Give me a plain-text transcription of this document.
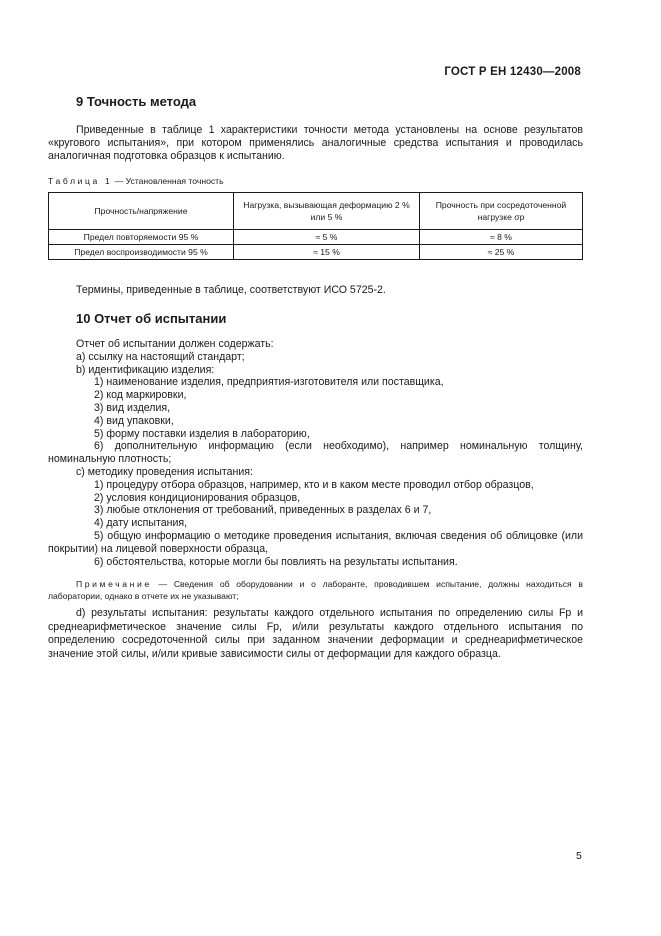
ГОСТ Р ЕН 12430—2008
9 Точность метода

Приведенные в таблице 1 характеристики точности метода установлены на основе результатов «кругового испытания», при котором применялись аналогичные средства испытания и проводилась аналогичная подготовка образцов к испытанию.

Таблица 1 — Установленная точность
Прочность/напряжение	Нагрузка, вызывающая деформацию 2 % или 5 %	Прочность при сосредоточенной нагрузке σp
Предел повторяемости 95 %	≈ 5 %	≈ 8 %
Предел воспроизводимости 95 %	≈ 15 %	≈ 25 %
Термины, приведенные в таблице, соответствуют ИСО 5725-2.
10 Отчет об испытании

Отчет об испытании должен содержать:

a) ссылку на настоящий стандарт;

b) идентификацию изделия:

1) наименование изделия, предприятия-изготовителя или поставщика,

2) код маркировки,

3) вид изделия,

4) вид упаковки,

5) форму поставки изделия в лабораторию,

6) дополнительную информацию (если необходимо), например номинальную толщину, номинальную плотность;

c) методику проведения испытания:

1) процедуру отбора образцов, например, кто и в каком месте проводил отбор образцов,

2) условия кондиционирования образцов,

3) любые отклонения от требований, приведенных в разделах 6 и 7,

4) дату испытания,

5) общую информацию о методике проведения испытания, включая сведения об облицовке (или покрытии) на лицевой поверхности образца,

6) обстоятельства, которые могли бы повлиять на результаты испытания.

Примечание — Сведения об оборудовании и о лаборанте, проводившем испытание, должны находиться в лаборатории, однако в отчете их не указывают;

d) результаты испытания: результаты каждого отдельного испытания по определению силы Fp и среднеарифметическое значение силы Fp, и/или результаты каждого отдельного испытания по определению сосредоточенной силы при заданном значении деформации и среднеарифметическое значение этой силы, и/или кривые зависимости силы от деформации для каждого образца.

5
